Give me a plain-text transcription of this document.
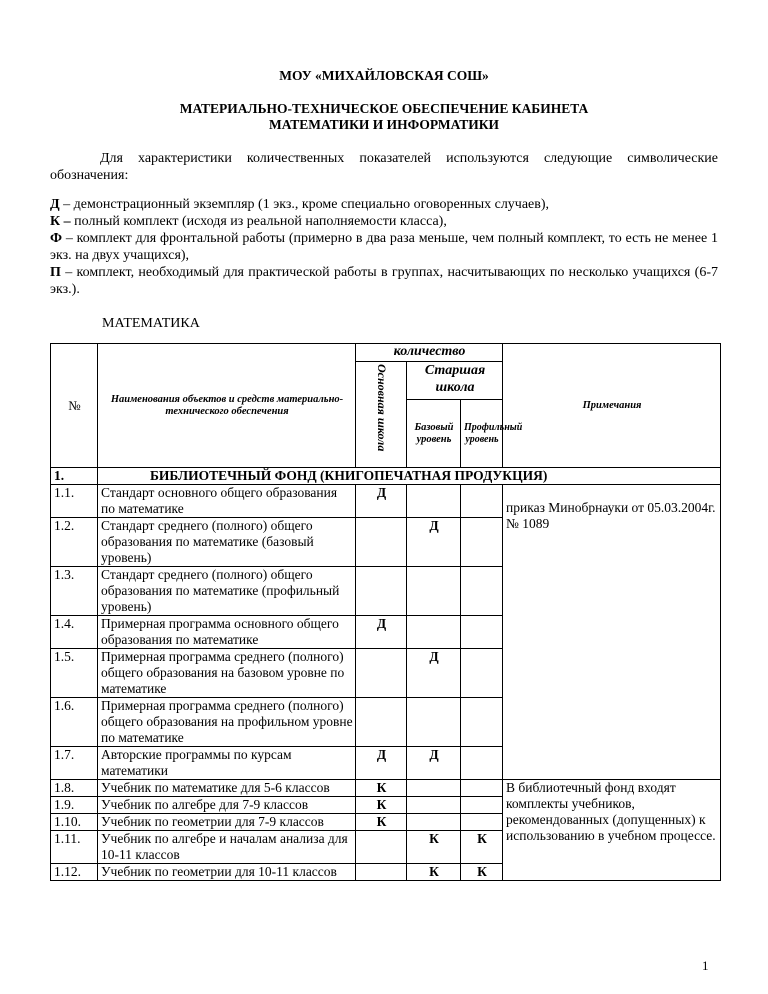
МОУ «МИХАЙЛОВСКАЯ СОШ»
МАТЕРИАЛЬНО-ТЕХНИЧЕСКОЕ ОБЕСПЕЧЕНИЕ КАБИНЕТА
МАТЕМАТИКИ И ИНФОРМАТИКИ
Для характеристики количественных показателей используются следующие символические обозначения:

Д – демонстрационный экземпляр (1 экз., кроме специально оговоренных случаев),

К – полный комплект (исходя из реальной наполняемости класса),

Ф – комплект для фронтальной работы (примерно в два раза меньше, чем полный комплект, то есть не менее 1 экз. на двух учащихся),

П – комплект, необходимый для практической работы в группах, насчитывающих по несколько учащихся (6-7 экз.).

МАТЕМАТИКА
№	Наименования объектов и средств материально-технического обеспечения	количество			Примечания

		Основная школа	Старшая школа		
			Базовый уровень	Профильный уровень	
1.	БИБЛИОТЕЧНЫЙ ФОНД (КНИГОПЕЧАТНАЯ ПРОДУКЦИЯ)				
1.1.	Стандарт основного общего образования по математике	Д			приказ Минобрнауки от 05.03.2004г. № 1089
1.2.	Стандарт среднего (полного) общего образования по математике (базовый уровень)		Д		
1.3.	Стандарт среднего (полного) общего образования по математике (профильный уровень)				
1.4.	Примерная программа основного общего образования по математике	Д			
1.5.	Примерная программа среднего (полного) общего образования на базовом уровне по математике		Д		
1.6.	Примерная программа среднего (полного) общего образования на профильном уровне по математике				
1.7.	Авторские программы по курсам математики	Д	Д		
1.8.	Учебник по математике для 5-6 классов	К			В библиотечный фонд входят комплекты учебников, рекомендованных (допущенных) к использованию в учебном процессе.
1.9.	Учебник по алгебре для 7-9 классов	К			
1.10.	Учебник по геометрии для 7-9 классов	К			
1.11.	Учебник по алгебре и началам анализа для 10-11 классов		К	К	
1.12.	Учебник по геометрии для 10-11 классов		К	К	
1
